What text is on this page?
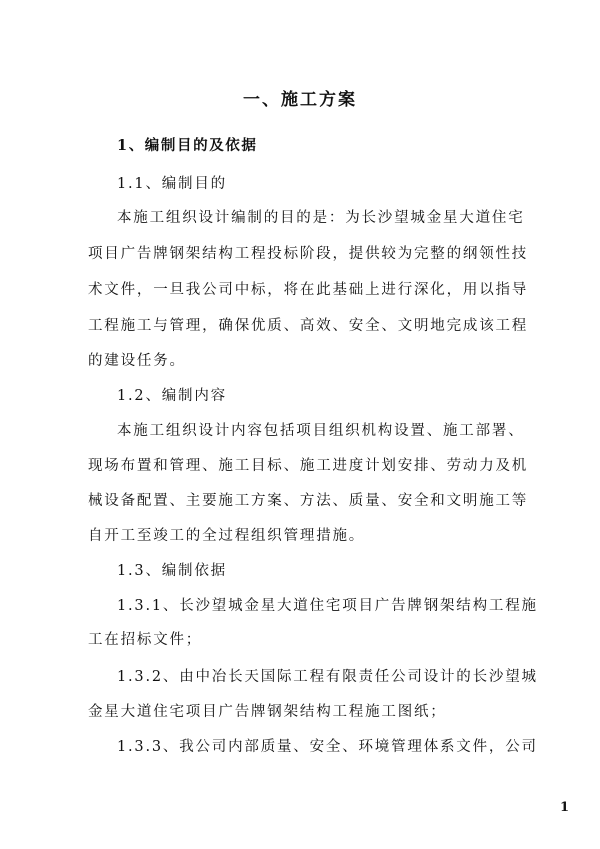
一、施工方案
1、编制目的及依据
1.1、编制目的
本施工组织设计编制的目的是：为长沙望城金星大道住宅
项目广告牌钢架结构工程投标阶段，提供较为完整的纲领性技
术文件，一旦我公司中标，将在此基础上进行深化，用以指导
工程施工与管理，确保优质、高效、安全、文明地完成该工程
的建设任务。
1.2、编制内容
本施工组织设计内容包括项目组织机构设置、施工部署、
现场布置和管理、施工目标、施工进度计划安排、劳动力及机
械设备配置、主要施工方案、方法、质量、安全和文明施工等
自开工至竣工的全过程组织管理措施。
1.3、编制依据
1.3.1、长沙望城金星大道住宅项目广告牌钢架结构工程施
工在招标文件；
1.3.2、由中冶长天国际工程有限责任公司设计的长沙望城
金星大道住宅项目广告牌钢架结构工程施工图纸；
1.3.3、我公司内部质量、安全、环境管理体系文件，公司
1
